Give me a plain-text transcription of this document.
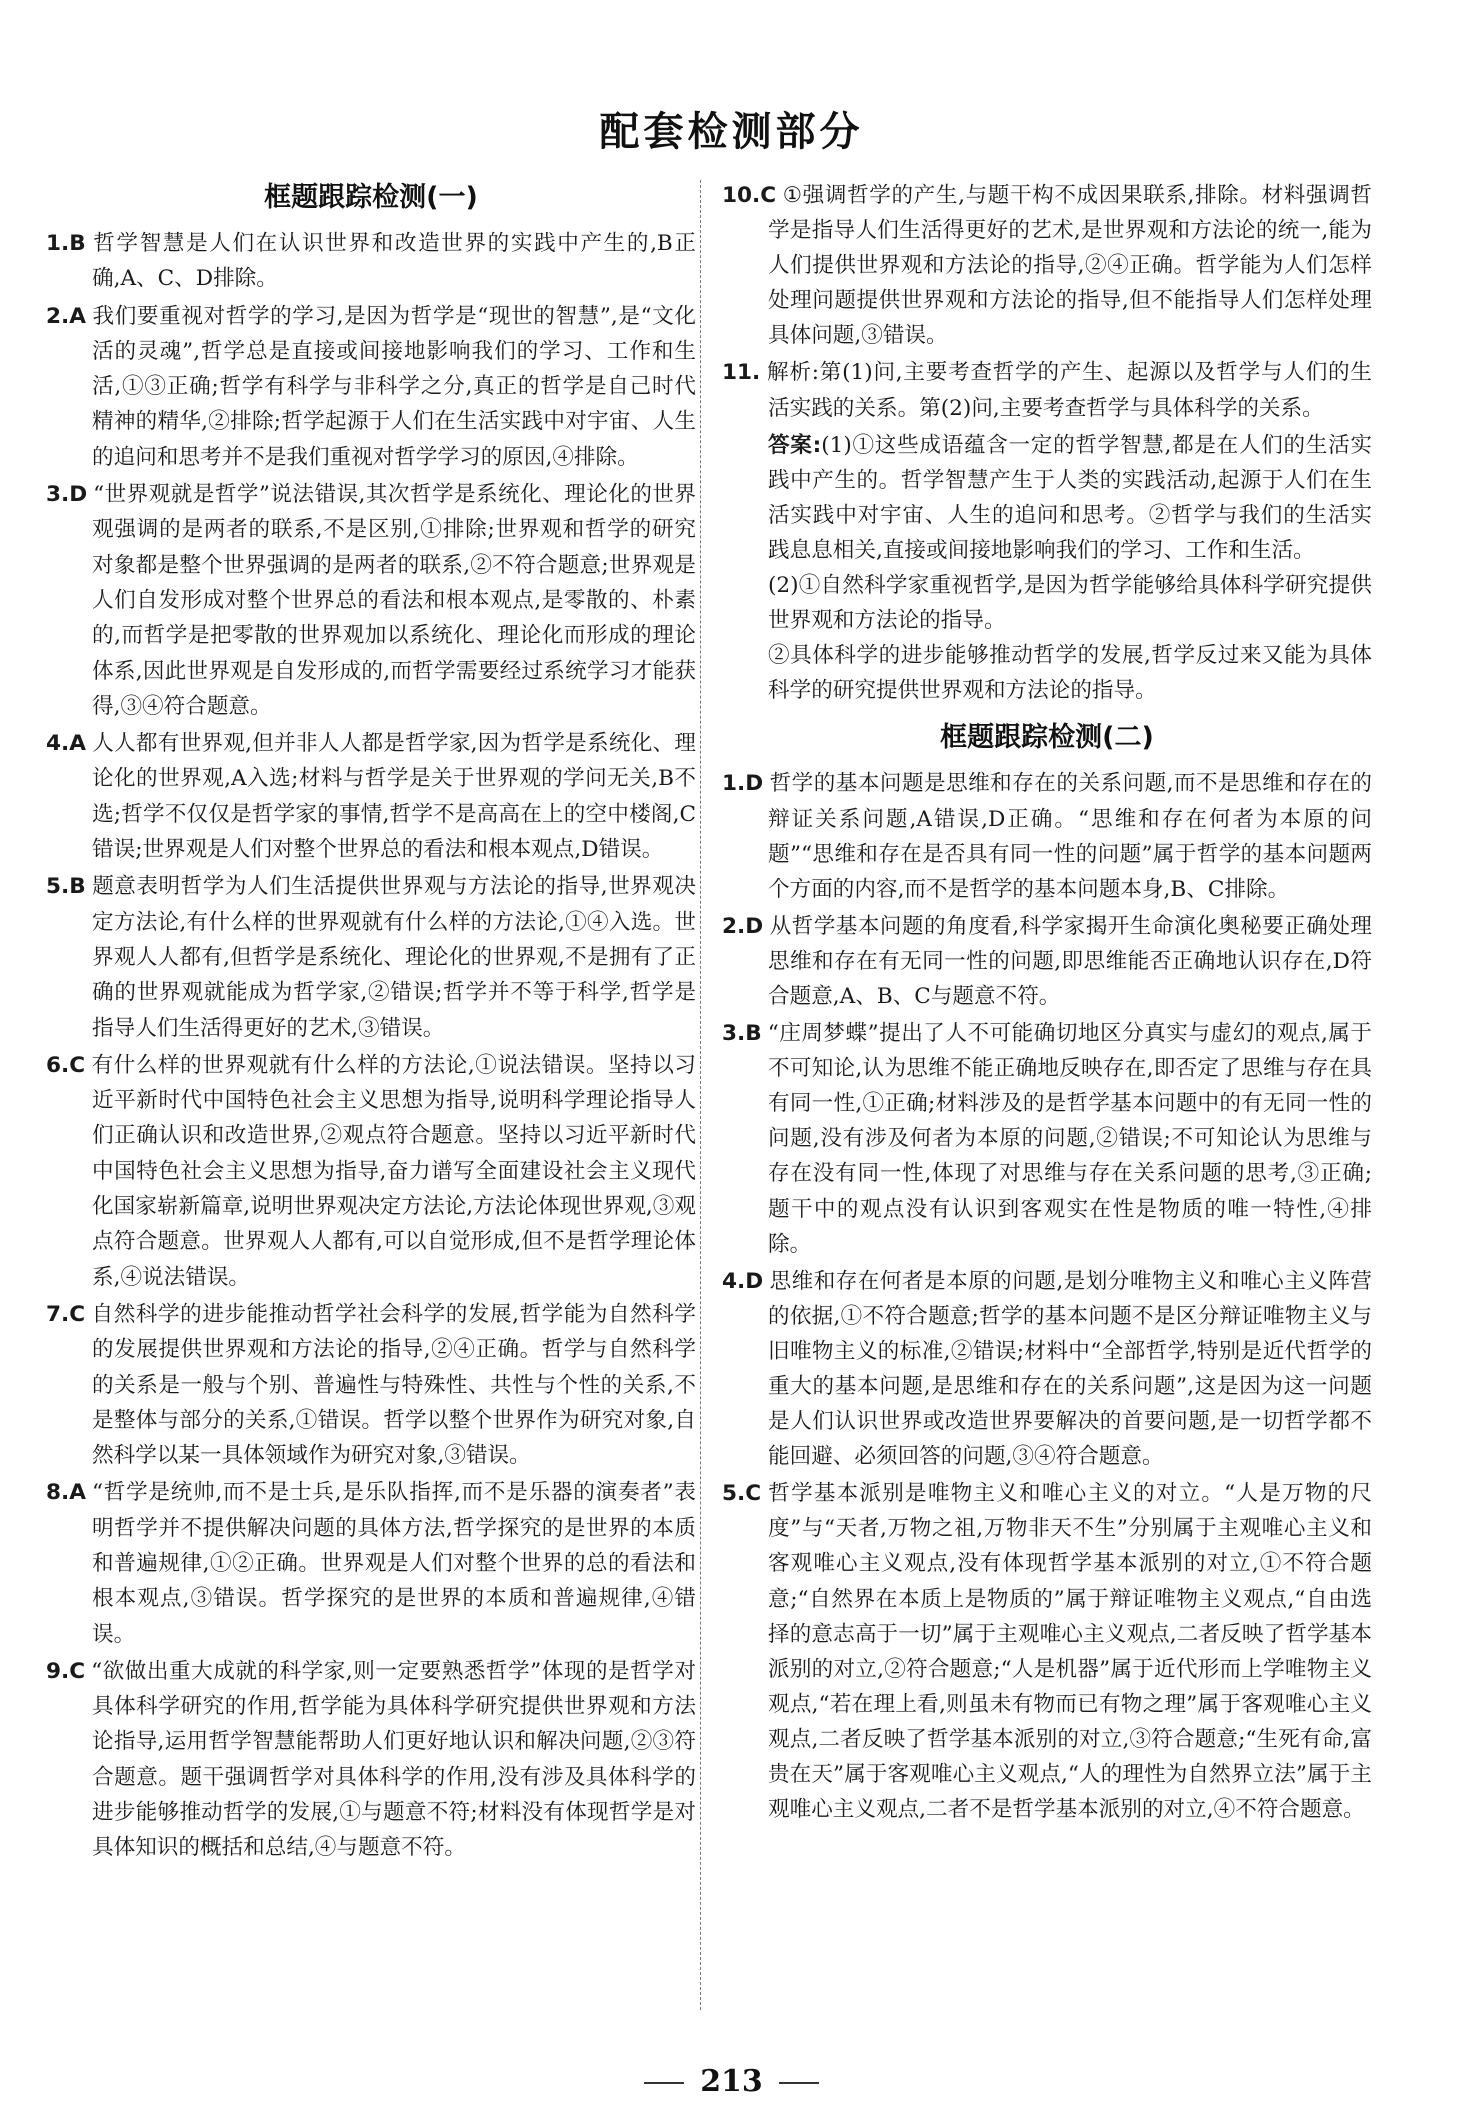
配套检测部分
框题跟踪检测(一)

1.B 哲学智慧是人们在认识世界和改造世界的实践中产生的,B正确,A、C、D排除。

2.A 我们要重视对哲学的学习,是因为哲学是“现世的智慧”,是“文化活的灵魂”,哲学总是直接或间接地影响我们的学习、工作和生活,①③正确;哲学有科学与非科学之分,真正的哲学是自己时代精神的精华,②排除;哲学起源于人们在生活实践中对宇宙、人生的追问和思考并不是我们重视对哲学学习的原因,④排除。

3.D “世界观就是哲学”说法错误,其次哲学是系统化、理论化的世界观强调的是两者的联系,不是区别,①排除;世界观和哲学的研究对象都是整个世界强调的是两者的联系,②不符合题意;世界观是人们自发形成对整个世界总的看法和根本观点,是零散的、朴素的,而哲学是把零散的世界观加以系统化、理论化而形成的理论体系,因此世界观是自发形成的,而哲学需要经过系统学习才能获得,③④符合题意。

4.A 人人都有世界观,但并非人人都是哲学家,因为哲学是系统化、理论化的世界观,A入选;材料与哲学是关于世界观的学问无关,B不选;哲学不仅仅是哲学家的事情,哲学不是高高在上的空中楼阁,C错误;世界观是人们对整个世界总的看法和根本观点,D错误。

5.B 题意表明哲学为人们生活提供世界观与方法论的指导,世界观决定方法论,有什么样的世界观就有什么样的方法论,①④入选。世界观人人都有,但哲学是系统化、理论化的世界观,不是拥有了正确的世界观就能成为哲学家,②错误;哲学并不等于科学,哲学是指导人们生活得更好的艺术,③错误。

6.C 有什么样的世界观就有什么样的方法论,①说法错误。坚持以习近平新时代中国特色社会主义思想为指导,说明科学理论指导人们正确认识和改造世界,②观点符合题意。坚持以习近平新时代中国特色社会主义思想为指导,奋力谱写全面建设社会主义现代化国家崭新篇章,说明世界观决定方法论,方法论体现世界观,③观点符合题意。世界观人人都有,可以自觉形成,但不是哲学理论体系,④说法错误。

7.C 自然科学的进步能推动哲学社会科学的发展,哲学能为自然科学的发展提供世界观和方法论的指导,②④正确。哲学与自然科学的关系是一般与个别、普遍性与特殊性、共性与个性的关系,不是整体与部分的关系,①错误。哲学以整个世界作为研究对象,自然科学以某一具体领域作为研究对象,③错误。

8.A “哲学是统帅,而不是士兵,是乐队指挥,而不是乐器的演奏者”表明哲学并不提供解决问题的具体方法,哲学探究的是世界的本质和普遍规律,①②正确。世界观是人们对整个世界的总的看法和根本观点,③错误。哲学探究的是世界的本质和普遍规律,④错误。

9.C “欲做出重大成就的科学家,则一定要熟悉哲学”体现的是哲学对具体科学研究的作用,哲学能为具体科学研究提供世界观和方法论指导,运用哲学智慧能帮助人们更好地认识和解决问题,②③符合题意。题干强调哲学对具体科学的作用,没有涉及具体科学的进步能够推动哲学的发展,①与题意不符;材料没有体现哲学是对具体知识的概括和总结,④与题意不符。

10.C ①强调哲学的产生,与题干构不成因果联系,排除。材料强调哲学是指导人们生活得更好的艺术,是世界观和方法论的统一,能为人们提供世界观和方法论的指导,②④正确。哲学能为人们怎样处理问题提供世界观和方法论的指导,但不能指导人们怎样处理具体问题,③错误。

11. 解析:第(1)问,主要考查哲学的产生、起源以及哲学与人们的生活实践的关系。第(2)问,主要考查哲学与具体科学的关系。

答案:(1)①这些成语蕴含一定的哲学智慧,都是在人们的生活实践中产生的。哲学智慧产生于人类的实践活动,起源于人们在生活实践中对宇宙、人生的追问和思考。②哲学与我们的生活实践息息相关,直接或间接地影响我们的学习、工作和生活。

(2)①自然科学家重视哲学,是因为哲学能够给具体科学研究提供世界观和方法论的指导。

②具体科学的进步能够推动哲学的发展,哲学反过来又能为具体科学的研究提供世界观和方法论的指导。

框题跟踪检测(二)

1.D 哲学的基本问题是思维和存在的关系问题,而不是思维和存在的辩证关系问题,A错误,D正确。“思维和存在何者为本原的问题”“思维和存在是否具有同一性的问题”属于哲学的基本问题两个方面的内容,而不是哲学的基本问题本身,B、C排除。

2.D 从哲学基本问题的角度看,科学家揭开生命演化奥秘要正确处理思维和存在有无同一性的问题,即思维能否正确地认识存在,D符合题意,A、B、C与题意不符。

3.B “庄周梦蝶”提出了人不可能确切地区分真实与虚幻的观点,属于不可知论,认为思维不能正确地反映存在,即否定了思维与存在具有同一性,①正确;材料涉及的是哲学基本问题中的有无同一性的问题,没有涉及何者为本原的问题,②错误;不可知论认为思维与存在没有同一性,体现了对思维与存在关系问题的思考,③正确;题干中的观点没有认识到客观实在性是物质的唯一特性,④排除。

4.D 思维和存在何者是本原的问题,是划分唯物主义和唯心主义阵营的依据,①不符合题意;哲学的基本问题不是区分辩证唯物主义与旧唯物主义的标准,②错误;材料中“全部哲学,特别是近代哲学的重大的基本问题,是思维和存在的关系问题”,这是因为这一问题是人们认识世界或改造世界要解决的首要问题,是一切哲学都不能回避、必须回答的问题,③④符合题意。

5.C 哲学基本派别是唯物主义和唯心主义的对立。“人是万物的尺度”与“天者,万物之祖,万物非天不生”分别属于主观唯心主义和客观唯心主义观点,没有体现哲学基本派别的对立,①不符合题意;“自然界在本质上是物质的”属于辩证唯物主义观点,“自由选择的意志高于一切”属于主观唯心主义观点,二者反映了哲学基本派别的对立,②符合题意;“人是机器”属于近代形而上学唯物主义观点,“若在理上看,则虽未有物而已有物之理”属于客观唯心主义观点,二者反映了哲学基本派别的对立,③符合题意;“生死有命,富贵在天”属于客观唯心主义观点,“人的理性为自然界立法”属于主观唯心主义观点,二者不是哲学基本派别的对立,④不符合题意。

213
